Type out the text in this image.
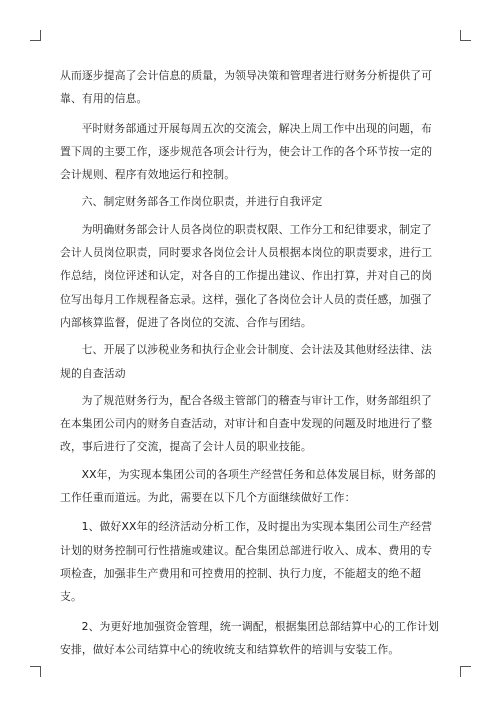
从而逐步提高了会计信息的质量，为领导决策和管理者进行财务分析提供了可靠、有用的信息。

平时财务部通过开展每周五次的交流会，解决上周工作中出现的问题，布置下周的主要工作，逐步规范各项会计行为，使会计工作的各个环节按一定的会计规则、程序有效地运行和控制。

六、制定财务部各工作岗位职责，并进行自我评定

为明确财务部会计人员各岗位的职责权限、工作分工和纪律要求，制定了会计人员岗位职责，同时要求各岗位会计人员根据本岗位的职责要求，进行工作总结，岗位评述和认定，对各自的工作提出建议、作出打算，并对自己的岗位写出每月工作规程备忘录。这样，强化了各岗位会计人员的责任感，加强了内部核算监督，促进了各岗位的交流、合作与团结。

七、开展了以涉税业务和执行企业会计制度、会计法及其他财经法律、法规的自查活动

为了规范财务行为，配合各级主管部门的稽查与审计工作，财务部组织了在本集团公司内的财务自查活动，对审计和自查中发现的问题及时地进行了整改，事后进行了交流，提高了会计人员的职业技能。

XX年，为实现本集团公司的各项生产经营任务和总体发展目标，财务部的工作任重而道远。为此，需要在以下几个方面继续做好工作：

1、做好XX年的经济活动分析工作，及时提出为实现本集团公司生产经营计划的财务控制可行性措施或建议。配合集团总部进行收入、成本、费用的专项检查，加强非生产费用和可控费用的控制、执行力度，不能超支的绝不超支。

2、为更好地加强资金管理，统一调配，根据集团总部结算中心的工作计划安排，做好本公司结算中心的统收统支和结算软件的培训与安装工作。
